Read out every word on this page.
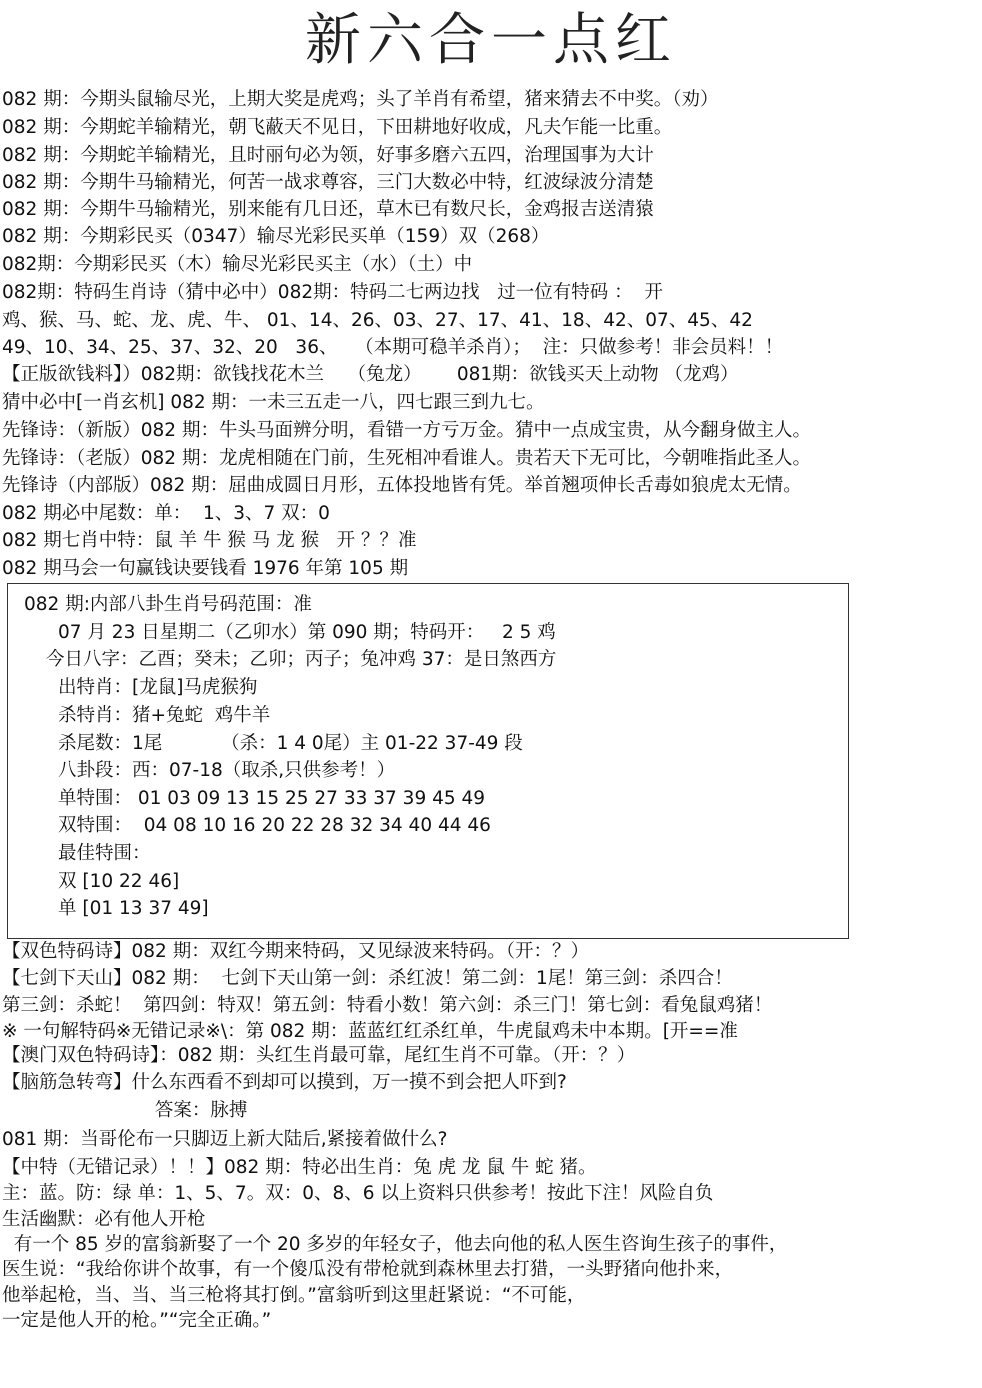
新六合一点红
082 期：今期头鼠输尽光，上期大奖是虎鸡；头了羊肖有希望，猪来猜去不中奖。（劝）
082 期：今期蛇羊输精光，朝飞蔽天不见日，下田耕地好收成，凡夫乍能一比重。
082 期：今期蛇羊输精光，且时丽句必为领，好事多磨六五四，治理国事为大计
082 期：今期牛马输精光，何苦一战求尊容，三门大数必中特，红波绿波分清楚
082 期：今期牛马输精光，别来能有几日还，草木已有数尺长，金鸡报吉送清猿
082 期：今期彩民买（0347）输尽光彩民买单（159）双（268）
082期：今期彩民买（木）输尽光彩民买主（水）（土）中
082期：特码生肖诗（猜中必中）082期：特码二七两边找   过一位有特码 ：  开
鸡、猴、马、蛇、龙、虎、牛、 01、14、26、03、27、17、41、18、42、07、45、42
49、10、34、25、37、32、20   36、   （本期可稳羊杀肖）；  注：只做参考！非会员料！！
【正版欲钱料】）082期：欲钱找花木兰    （兔龙）      081期：欲钱买天上动物 （龙鸡）
猜中必中[一肖玄机] 082 期：一未三五走一八，四七跟三到九七。
先锋诗：（新版）082 期：牛头马面辨分明，看错一方亏万金。猜中一点成宝贵，从今翻身做主人。
先锋诗：（老版）082 期：龙虎相随在门前，生死相冲看谁人。贵若天下无可比，今朝唯指此圣人。
先锋诗（内部版）082 期：屈曲成圆日月形，五体投地皆有凭。举首翘项伸长舌毒如狼虎太无情。
082 期必中尾数：单：  1、3、7 双：0
082 期七肖中特：鼠 羊 牛 猴 马 龙 猴   开 ？？准
082 期马会一句赢钱诀要钱看 1976 年第 105 期
082 期:内部八卦生肖号码范围：准
07 月 23 日星期二（乙卯水）第 090 期；特码开：   2 5 鸡
今日八字：乙酉；癸未；乙卯；丙子；兔冲鸡 37：是日煞西方
出特肖：[龙鼠]马虎猴狗
杀特肖：猪+兔蛇  鸡牛羊
杀尾数：1尾          （杀：1 4 0尾）主 01-22 37-49 段
八卦段：西：07-18（取杀,只供参考！）
单特围： 01 03 09 13 15 25 27 33 37 39 45 49
双特围：  04 08 10 16 20 22 28 32 34 40 44 46
最佳特围：
双 [10 22 46]
单 [01 13 37 49]
【双色特码诗】082 期：双红今期来特码，又见绿波来特码。（开：？）
【七剑下天山】082 期：  七剑下天山第一剑：杀红波！第二剑：1尾！第三剑：杀四合！
第三剑：杀蛇！  第四剑：特双！第五剑：特看小数！第六剑：杀三门！第七剑：看兔鼠鸡猪！
※ 一句解特码※无错记录※\：第 082 期：蓝蓝红红杀红单，牛虎鼠鸡未中本期。[开==准
【澳门双色特码诗】：082 期：头红生肖最可靠，尾红生肖不可靠。（开：？）
【脑筋急转弯】什么东西看不到却可以摸到，万一摸不到会把人吓到?
答案：脉搏
081 期：当哥伦布一只脚迈上新大陆后,紧接着做什么?
【中特（无错记录）！！】082 期：特必出生肖：兔 虎 龙 鼠 牛 蛇 猪。
主：蓝。防：绿 单：1、5、7。双：0、8、6 以上资料只供参考！按此下注！风险自负
生活幽默：必有他人开枪
有一个 85 岁的富翁新娶了一个 20 多岁的年轻女子，他去向他的私人医生咨询生孩子的事件，
医生说：“我给你讲个故事，有一个傻瓜没有带枪就到森林里去打猎，一头野猪向他扑来，
他举起枪，当、当、当三枪将其打倒。”富翁听到这里赶紧说：“不可能，
一定是他人开的枪。”“完全正确。”
